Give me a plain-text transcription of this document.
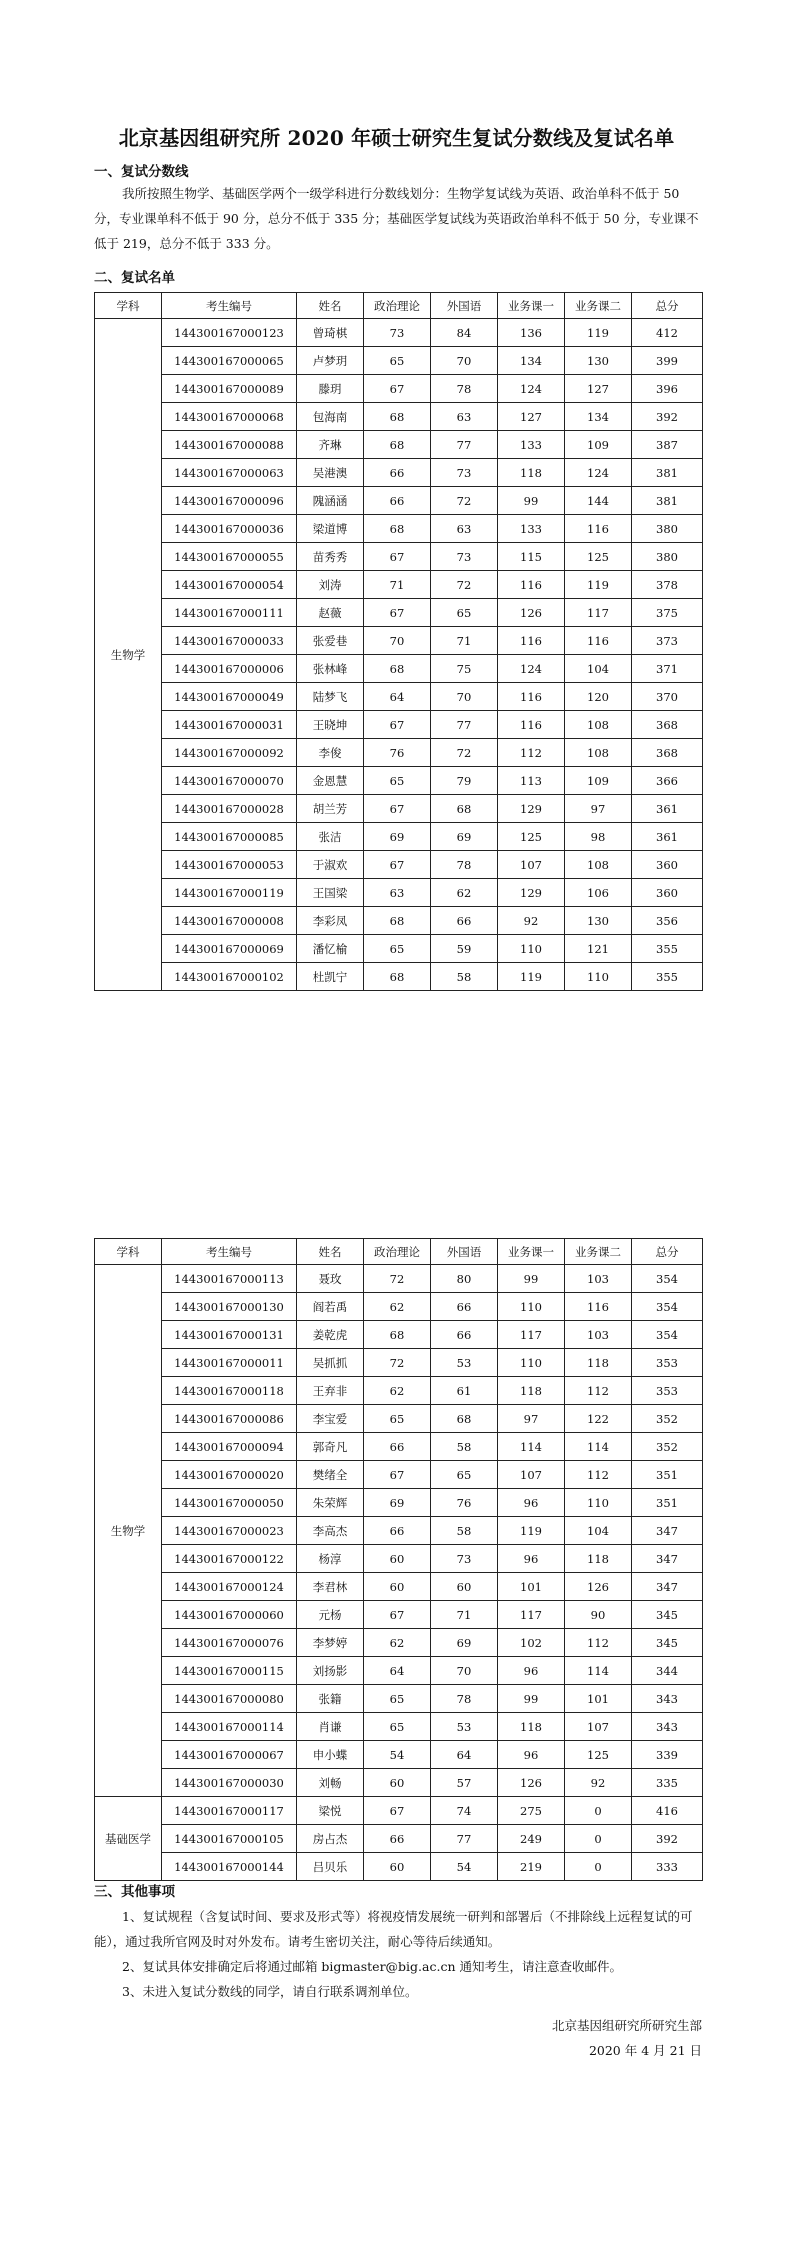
北京基因组研究所 2020 年硕士研究生复试分数线及复试名单
一、复试分数线
我所按照生物学、基础医学两个一级学科进行分数线划分：生物学复试线为英语、政治单科不低于 50 分，专业课单科不低于 90 分，总分不低于 335 分；基础医学复试线为英语政治单科不低于 50 分，专业课不低于 219，总分不低于 333 分。
二、复试名单
学科	考生编号	姓名	政治理论	外国语	业务课一	业务课二	总分
生物学	144300167000123	曾琦棋	73	84	136	119	412
	144300167000065	卢梦玥	65	70	134	130	399
	144300167000089	滕玥	67	78	124	127	396
	144300167000068	包海南	68	63	127	134	392
	144300167000088	齐琳	68	77	133	109	387
	144300167000063	吴港澳	66	73	118	124	381
	144300167000096	隗涵涵	66	72	99	144	381
	144300167000036	梁道博	68	63	133	116	380
	144300167000055	苗秀秀	67	73	115	125	380
	144300167000054	刘涛	71	72	116	119	378
	144300167000111	赵薇	67	65	126	117	375
	144300167000033	张爱巷	70	71	116	116	373
	144300167000006	张林峰	68	75	124	104	371
	144300167000049	陆梦飞	64	70	116	120	370
	144300167000031	王晓坤	67	77	116	108	368
	144300167000092	李俊	76	72	112	108	368
	144300167000070	金恩慧	65	79	113	109	366
	144300167000028	胡兰芳	67	68	129	97	361
	144300167000085	张洁	69	69	125	98	361
	144300167000053	于淑欢	67	78	107	108	360
	144300167000119	王国梁	63	62	129	106	360
	144300167000008	李彩凤	68	66	92	130	356
	144300167000069	潘忆榆	65	59	110	121	355
	144300167000102	杜凯宁	68	58	119	110	355
学科	考生编号	姓名	政治理论	外国语	业务课一	业务课二	总分
生物学	144300167000113	聂玫	72	80	99	103	354
	144300167000130	阎若禹	62	66	110	116	354
	144300167000131	姜乾虎	68	66	117	103	354
	144300167000011	吴抓抓	72	53	110	118	353
	144300167000118	王弃非	62	61	118	112	353
	144300167000086	李宝爱	65	68	97	122	352
	144300167000094	郭奇凡	66	58	114	114	352
	144300167000020	樊绪全	67	65	107	112	351
	144300167000050	朱荣辉	69	76	96	110	351
	144300167000023	李高杰	66	58	119	104	347
	144300167000122	杨淳	60	73	96	118	347
	144300167000124	李君林	60	60	101	126	347
	144300167000060	元杨	67	71	117	90	345
	144300167000076	李梦婷	62	69	102	112	345
	144300167000115	刘扬影	64	70	96	114	344
	144300167000080	张籍	65	78	99	101	343
	144300167000114	肖谦	65	53	118	107	343
	144300167000067	申小蝶	54	64	96	125	339
	144300167000030	刘畅	60	57	126	92	335
基础医学	144300167000117	梁悦	67	74	275	0	416
	144300167000105	房占杰	66	77	249	0	392
	144300167000144	吕贝乐	60	54	219	0	333
三、其他事项

1、复试规程（含复试时间、要求及形式等）将视疫情发展统一研判和部署后（不排除线上远程复试的可能），通过我所官网及时对外发布。请考生密切关注，耐心等待后续通知。

2、复试具体安排确定后将通过邮箱 bigmaster@big.ac.cn 通知考生，请注意查收邮件。

3、未进入复试分数线的同学，请自行联系调剂单位。

北京基因组研究所研究生部
2020 年 4 月 21 日
